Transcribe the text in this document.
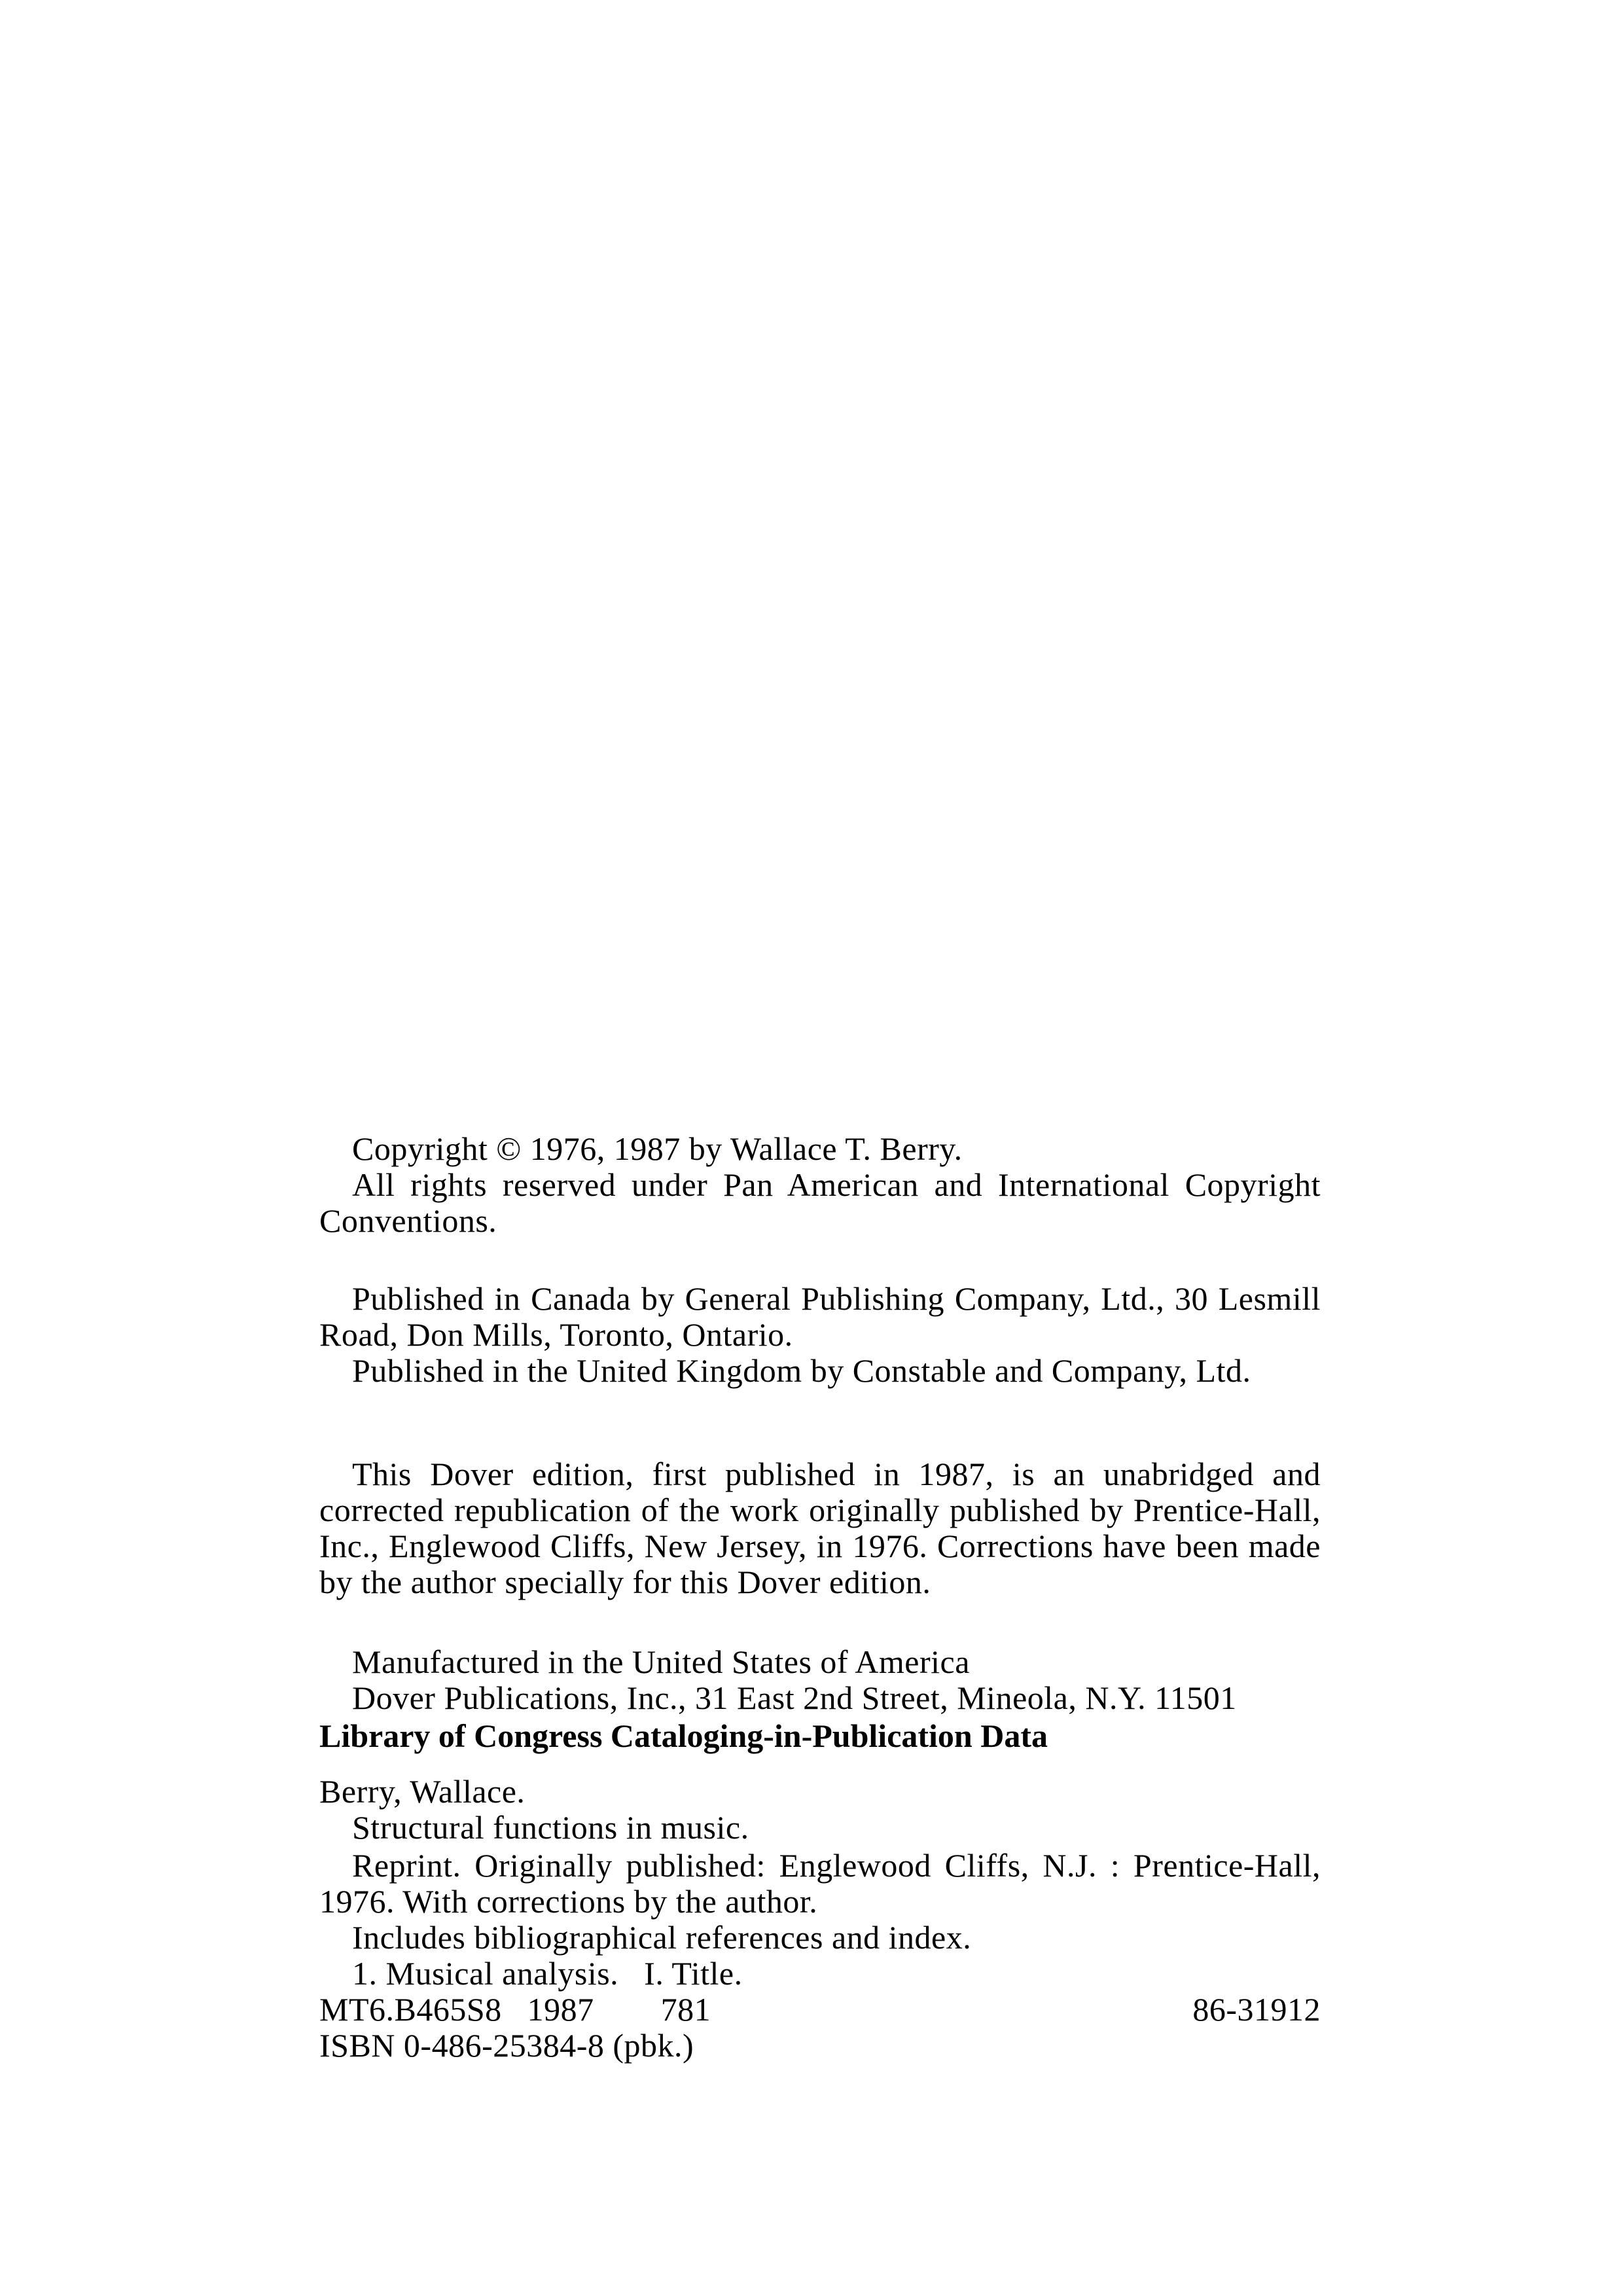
Copyright © 1976, 1987 by Wallace T. Berry.
All rights reserved under Pan American and International Copyright Conventions.
Published in Canada by General Publishing Company, Ltd., 30 Lesmill Road, Don Mills, Toronto, Ontario.
Published in the United Kingdom by Constable and Company, Ltd.
This Dover edition, first published in 1987, is an unabridged and corrected republication of the work originally published by Prentice-Hall, Inc., Englewood Cliffs, New Jersey, in 1976. Corrections have been made by the author specially for this Dover edition.
Manufactured in the United States of America
Dover Publications, Inc., 31 East 2nd Street, Mineola, N.Y. 11501
Library of Congress Cataloging-in-Publication Data
Berry, Wallace.
Structural functions in music.
Reprint. Originally published: Englewood Cliffs, N.J. : Prentice-Hall, 1976. With corrections by the author.
Includes bibliographical references and index.
1. Musical analysis.   I. Title.
MT6.B465S8   1987	781	86-31912
ISBN 0-486-25384-8 (pbk.)
